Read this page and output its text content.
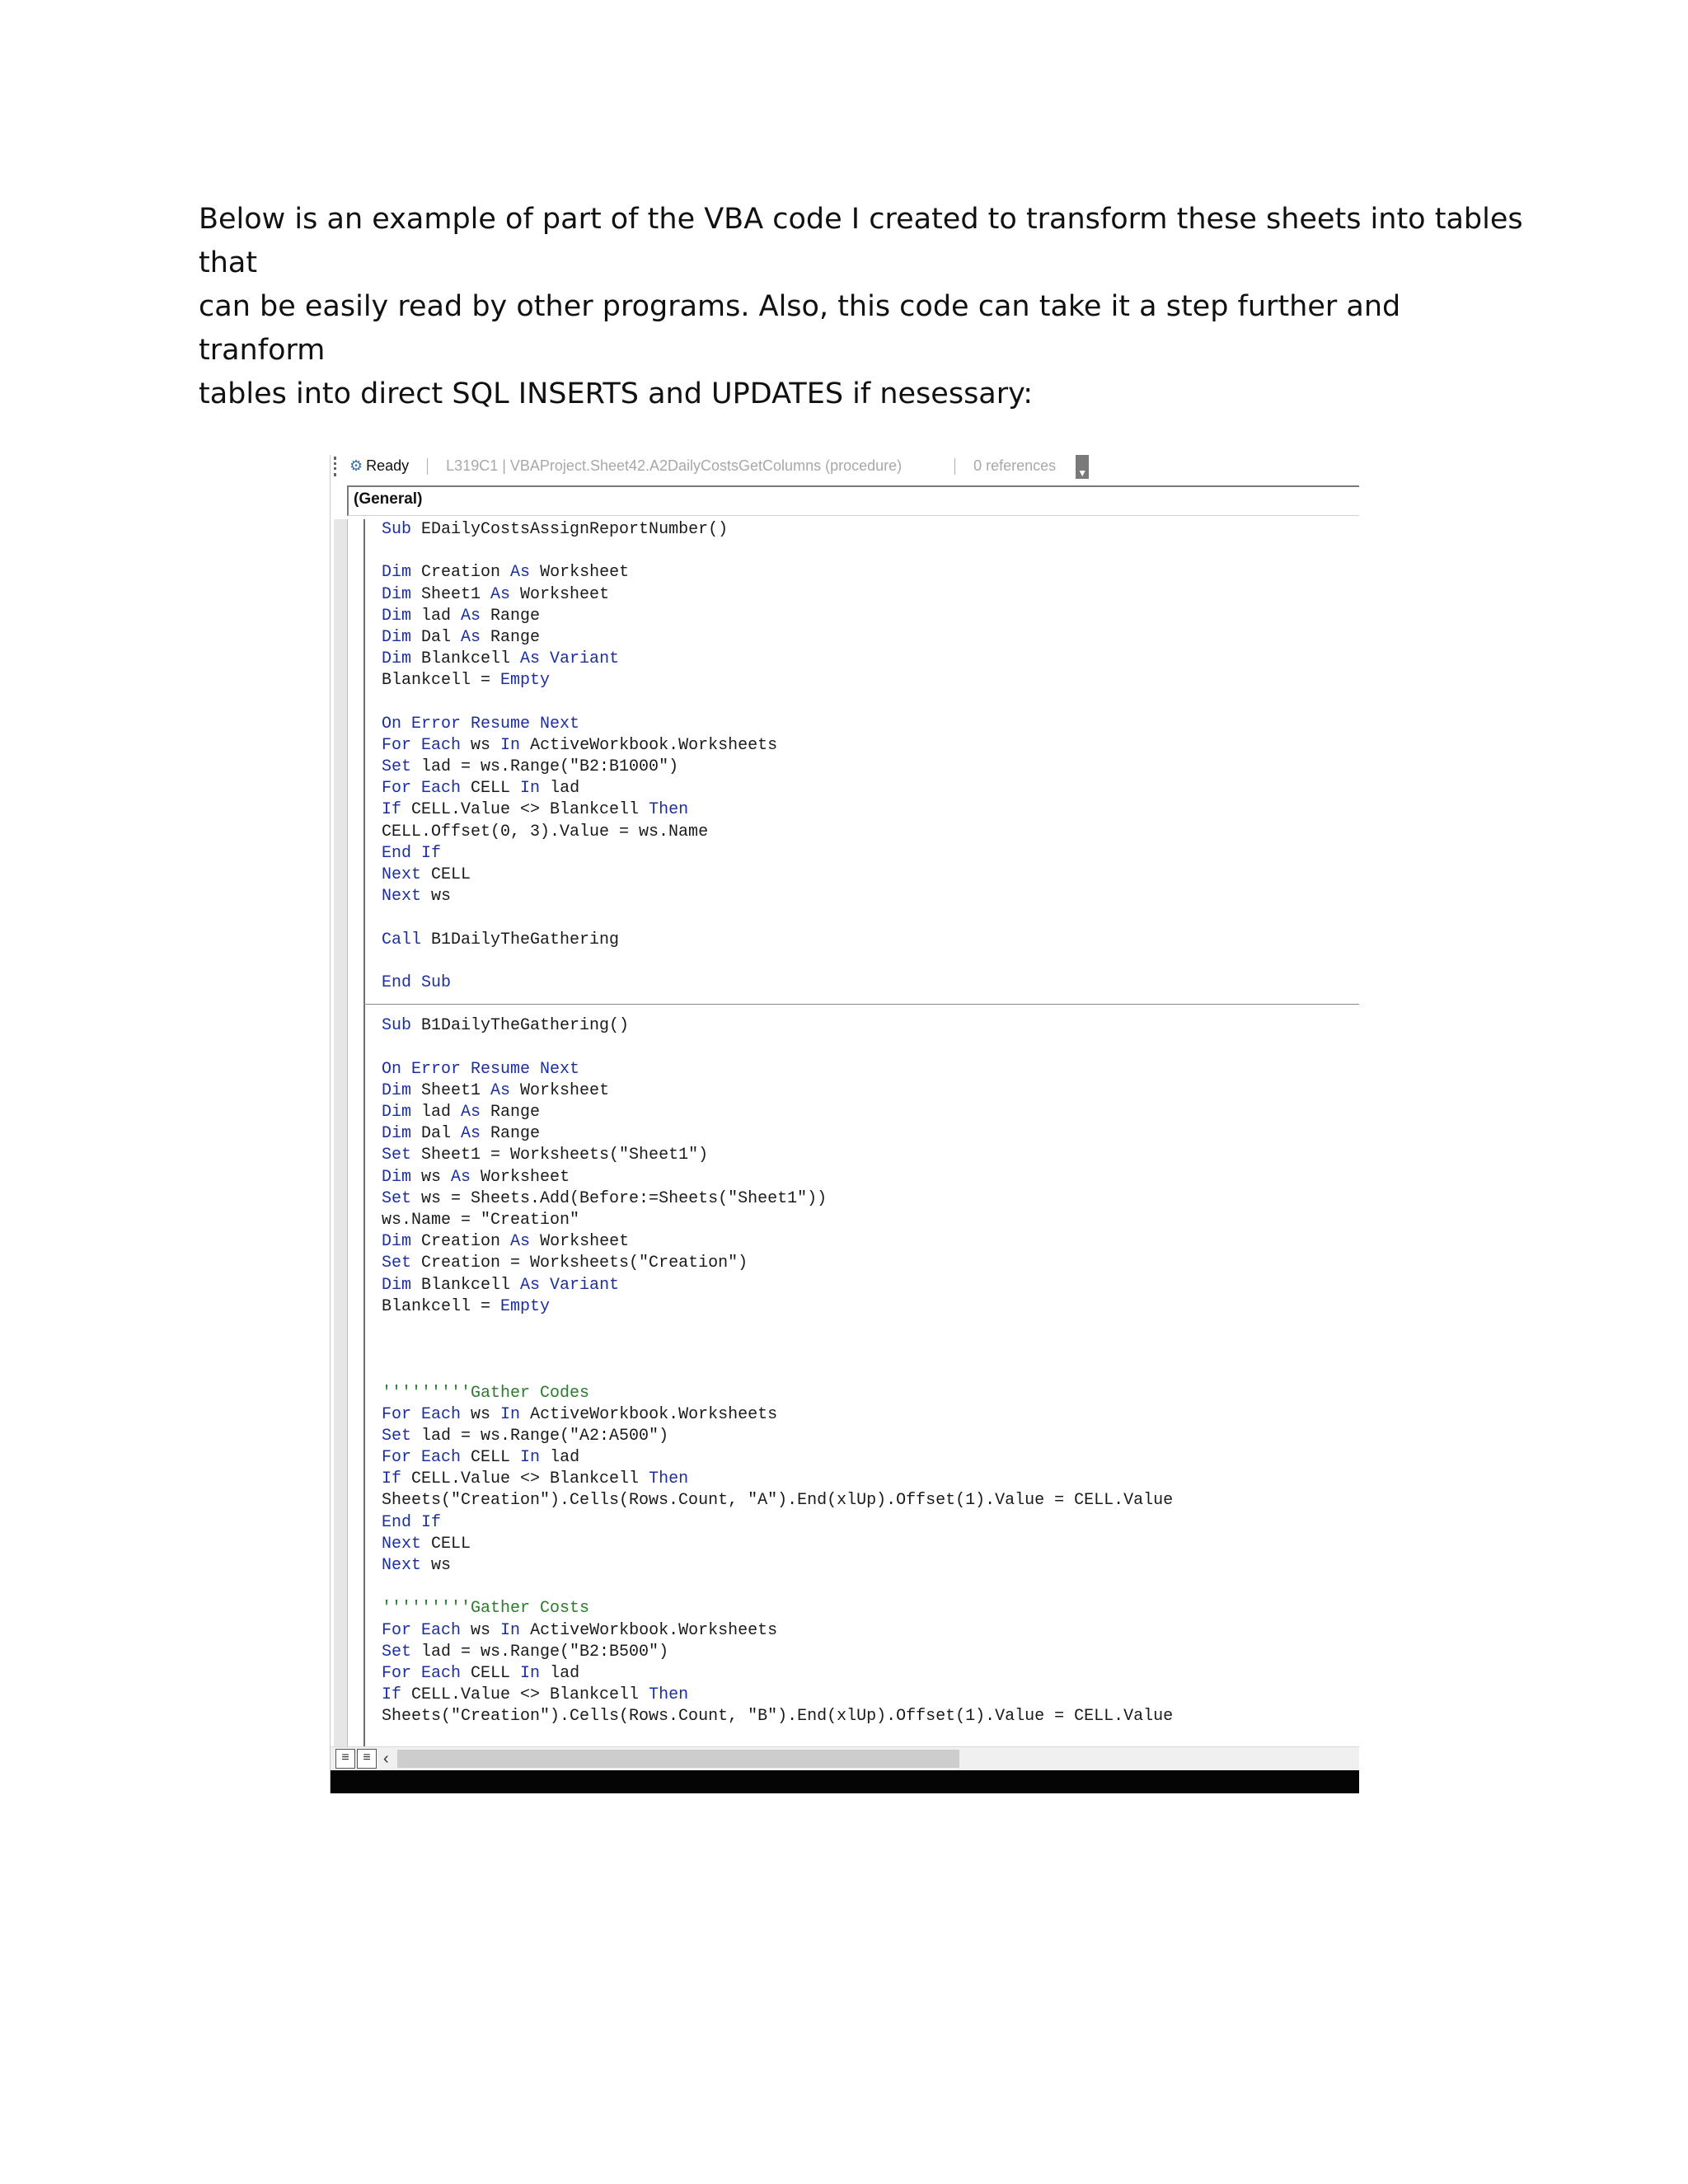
Below is an example of part of the VBA code I created to transform these sheets into tables that

can be easily read by other programs. Also, this code can take it a step further and tranform

tables into direct SQL INSERTS and UPDATES if nesessary:

⚙ Ready	L319C1 | VBAProject.Sheet42.A2DailyCostsGetColumns (procedure)	0 references ▼
(General)
Sub EDailyCostsAssignReportNumber()
Dim Creation As Worksheet
Dim Sheet1 As Worksheet
Dim lad As Range
Dim Dal As Range
Dim Blankcell As Variant
Blankcell = Empty
On Error Resume Next
For Each ws In ActiveWorkbook.Worksheets
Set lad = ws.Range("B2:B1000")
For Each CELL In lad
If CELL.Value <> Blankcell Then
CELL.Offset(0, 3).Value = ws.Name
End If
Next CELL
Next ws
Call B1DailyTheGathering
End Sub
Sub B1DailyTheGathering()
On Error Resume Next
Dim Sheet1 As Worksheet
Dim lad As Range
Dim Dal As Range
Set Sheet1 = Worksheets("Sheet1")
Dim ws As Worksheet
Set ws = Sheets.Add(Before:=Sheets("Sheet1"))
ws.Name = "Creation"
Dim Creation As Worksheet
Set Creation = Worksheets("Creation")
Dim Blankcell As Variant
Blankcell = Empty
'''''''''Gather Codes
For Each ws In ActiveWorkbook.Worksheets
Set lad = ws.Range("A2:A500")
For Each CELL In lad
If CELL.Value <> Blankcell Then
Sheets("Creation").Cells(Rows.Count, "A").End(xlUp).Offset(1).Value = CELL.Value
End If
Next CELL
Next ws
'''''''''Gather Costs
For Each ws In ActiveWorkbook.Worksheets
Set lad = ws.Range("B2:B500")
For Each CELL In lad
If CELL.Value <> Blankcell Then
Sheets("Creation").Cells(Rows.Count, "B").End(xlUp).Offset(1).Value = CELL.Value
≡	≡ ‹
